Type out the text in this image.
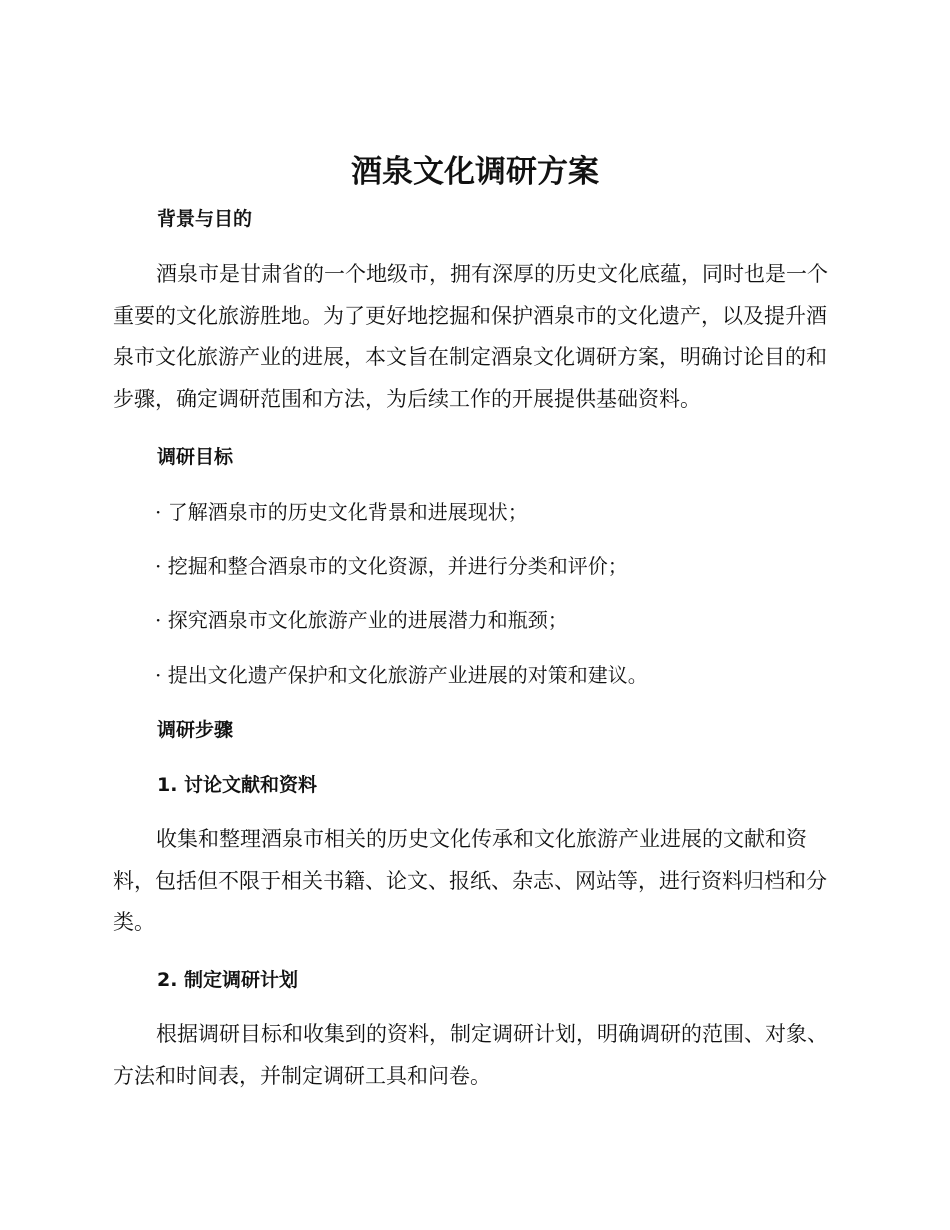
酒泉文化调研方案
背景与目的

酒泉市是甘肃省的一个地级市，拥有深厚的历史文化底蕴，同时也是一个重要的文化旅游胜地。为了更好地挖掘和保护酒泉市的文化遗产，以及提升酒泉市文化旅游产业的进展，本文旨在制定酒泉文化调研方案，明确讨论目的和步骤，确定调研范围和方法，为后续工作的开展提供基础资料。

调研目标

· 了解酒泉市的历史文化背景和进展现状；

· 挖掘和整合酒泉市的文化资源，并进行分类和评价；

· 探究酒泉市文化旅游产业的进展潜力和瓶颈；

· 提出文化遗产保护和文化旅游产业进展的对策和建议。

调研步骤
1. 讨论文献和资料

收集和整理酒泉市相关的历史文化传承和文化旅游产业进展的文献和资料，包括但不限于相关书籍、论文、报纸、杂志、网站等，进行资料归档和分类。

2. 制定调研计划

根据调研目标和收集到的资料，制定调研计划，明确调研的范围、对象、方法和时间表，并制定调研工具和问卷。
